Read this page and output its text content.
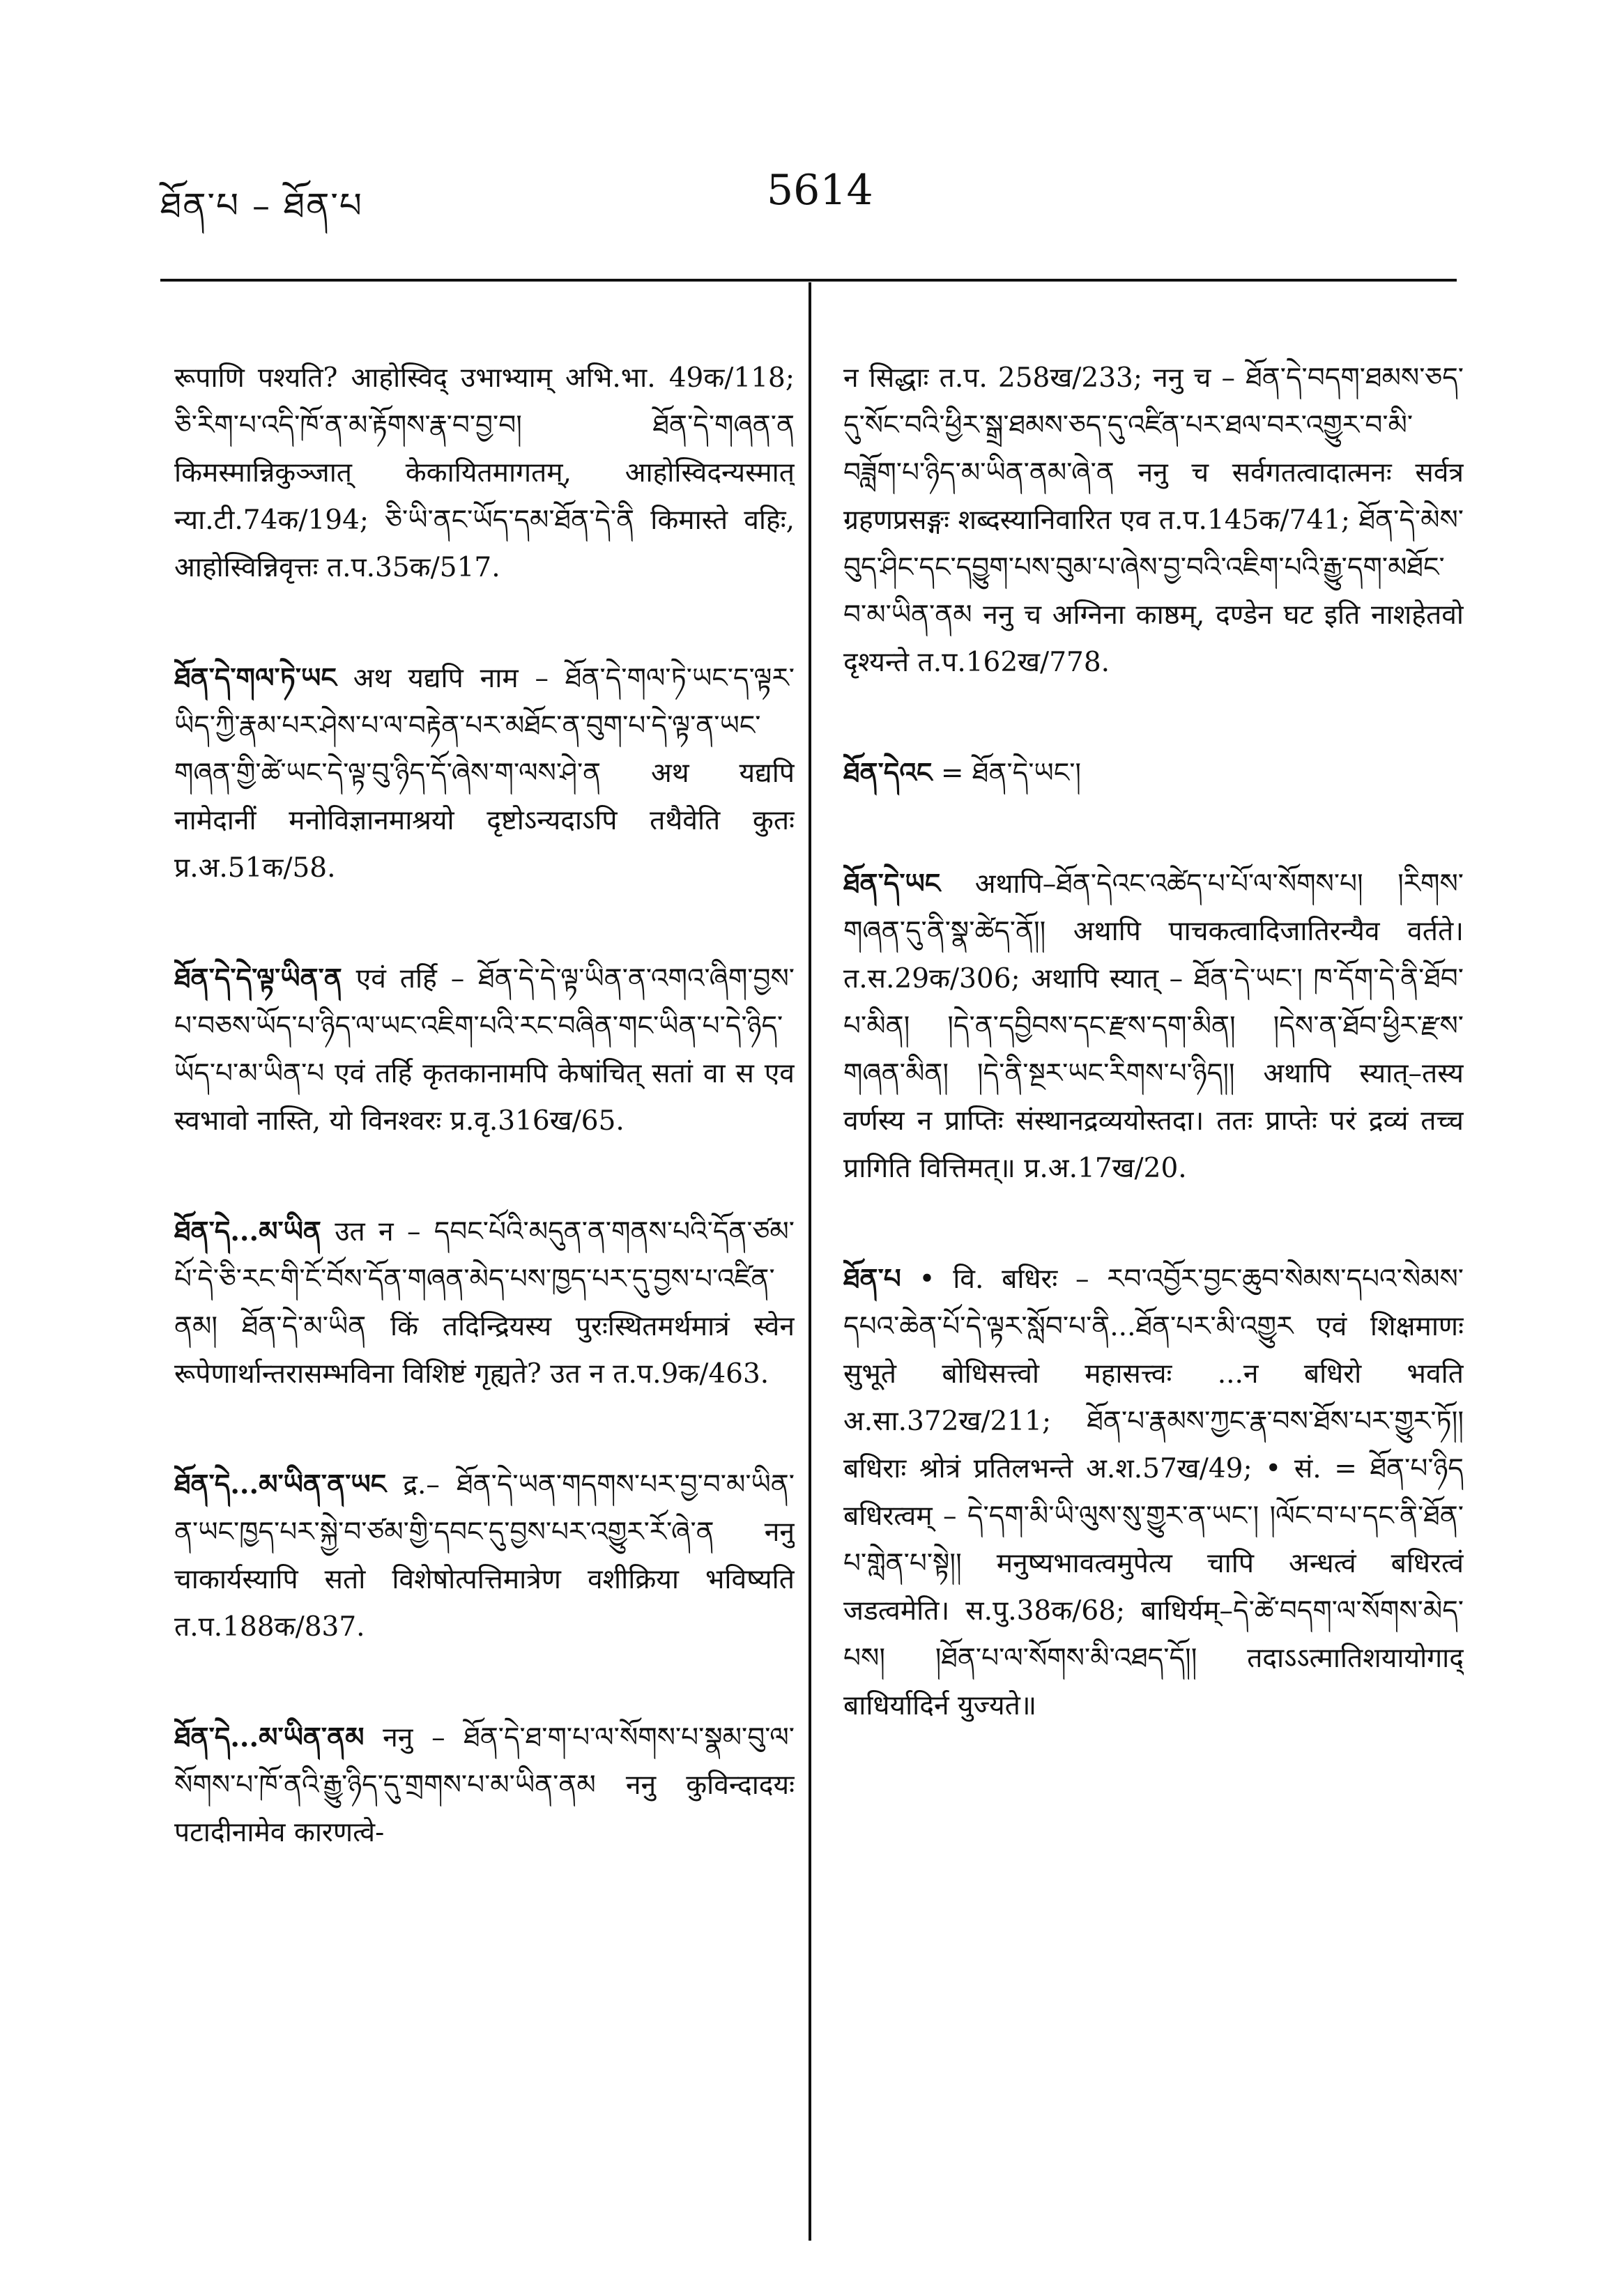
ཐོན་པ – ཐོན་པ	5614

रूपाणि पश्यति? आहोस्विद् उभाभ्याम् अभि.भा. 49क/118; ཅི་རིག་པ་འདི་ཁོ་ན་མ་རྟོགས་རྣ་བ་བྱ་བ། ཐོན་དེ་གཞན་ན किमस्मान्निकुञ्जात् केकायितमागतम्, आहोस्विदन्यस्मात् न्या.टी.74क/194; ཅི་ཡི་ནང་ཡོད་དམ་ཐོན་དེ་ནི किमास्ते वहिः, आहोस्विन्निवृत्तः त.प.35क/517.

ཐོན་དེ་གལ་ཏེ་ཡང अथ यद्यपि नाम – ཐོན་དེ་གལ་ཏེ་ཡང་ད་ལྟར་ཡིད་ཀྱི་རྣམ་པར་ཤེས་པ་ལ་བརྟེན་པར་མཐོང་ན་བུག་པ་དེ་ལྟ་ན་ཡང་གཞན་གྱི་ཚེ་ཡང་དེ་ལྟ་བུ་ཉིད་དོ་ཞེས་ག་ལས་ཤེ་ན अथ यद्यपि नामेदानीं मनोविज्ञानमाश्रयो दृष्टोऽन्यदाऽपि तथैवेति कुतः प्र.अ.51क/58.

ཐོན་དེ་དེ་ལྟ་ཡིན་ན एवं तर्हि – ཐོན་དེ་དེ་ལྟ་ཡིན་ན་འགའ་ཞིག་བྱས་པ་བཅས་ཡོད་པ་ཉིད་ལ་ཡང་འཇིག་པའི་རང་བཞིན་གང་ཡིན་པ་དེ་ཉིད་ཡོད་པ་མ་ཡིན་པ एवं तर्हि कृतकानामपि केषांचित् सतां वा स एव स्वभावो नास्ति, यो विनश्वरः प्र.वृ.316ख/65.

ཐོན་དེ...མ་ཡིན उत न – དབང་པོའི་མདུན་ན་གནས་པའི་དོན་ཙམ་པོ་དེ་ཅི་རང་གི་ངོ་བོས་དོན་གཞན་མེད་པས་ཁྱད་པར་དུ་བྱས་པ་འཛིན་ནམ། ཐོན་དེ་མ་ཡིན किं तदिन्द्रियस्य पुरःस्थितमर्थमात्रं स्वेन रूपेणार्थान्तरासम्भविना विशिष्टं गृह्यते? उत न त.प.9क/463.

ཐོན་དེ...མ་ཡིན་ན་ཡང द्र.– ཐོན་དེ་ཡན་གདགས་པར་བྱ་བ་མ་ཡིན་ན་ཡང་ཁྱད་པར་སྐྱེ་བ་ཙམ་གྱི་དབང་དུ་བྱས་པར་འགྱུར་རོ་ཞེ་ན ननु चाकार्यस्यापि सतो विशेषोत्पत्तिमात्रेण वशीक्रिया भविष्यति त.प.188क/837.

ཐོན་དེ...མ་ཡིན་ནམ ननु – ཐོན་དེ་ཐ་ག་པ་ལ་སོགས་པ་སྣམ་བུ་ལ་སོགས་པ་ཁོ་ནའི་རྒྱུ་ཉིད་དུ་གྲགས་པ་མ་ཡིན་ནམ ननु कुविन्दादयः पटादीनामेव कारणत्वे-

न सिद्धाः त.प. 258ख/233; ननु च – ཐོན་དེ་བདག་ཐམས་ཅད་དུ་སོང་བའི་ཕྱིར་སྒྲ་ཐམས་ཅད་དུ་འཛིན་པར་ཐལ་བར་འགྱུར་བ་མི་བཟློག་པ་ཉིད་མ་ཡིན་ནམ་ཞེ་ན ननु च सर्वगतत्वादात्मनः सर्वत्र ग्रहणप्रसङ्गः शब्दस्यानिवारित एव त.प.145क/741; ཐོན་དེ་མེས་བུད་ཤིང་དང་དབྱུག་པས་བུམ་པ་ཞེས་བྱ་བའི་འཇིག་པའི་རྒྱུ་དག་མཐོང་བ་མ་ཡིན་ནམ ननु च अग्निना काष्ठम्, दण्डेन घट इति नाशहेतवो दृश्यन्ते त.प.162ख/778.

ཐོན་དེའང = ཐོན་དེ་ཡང་།

ཐོན་དེ་ཡང अथापि–ཐོན་དེའང་འཚེད་པ་པོ་ལ་སོགས་པ། །རིགས་གཞན་དུ་ནི་སྣ་ཚེད་ནོ།། अथापि पाचकत्वादिजातिरन्यैव वर्तते। त.स.29क/306; अथापि स्यात् – ཐོན་དེ་ཡང་། ཁ་དོག་དེ་ནི་ཐོབ་པ་མིན། །དེ་ན་དབྱིབས་དང་རྫས་དག་མིན། །དེས་ན་ཐོབ་ཕྱིར་རྫས་གཞན་མིན། །དེ་ནི་སྔར་ཡང་རིགས་པ་ཉིད།། अथापि स्यात्–तस्य वर्णस्य न प्राप्तिः संस्थानद्रव्ययोस्तदा। ततः प्राप्तेः परं द्रव्यं तच्च प्रागिति वित्तिमत्॥ प्र.अ.17ख/20.

ཐོན་པ • वि. बधिरः – རབ་འབྱོར་བྱང་ཆུབ་སེམས་དཔའ་སེམས་དཔའ་ཆེན་པོ་དེ་ལྟར་སློབ་པ་ནི...ཐོན་པར་མི་འགྱུར एवं शिक्षमाणः सुभूते बोधिसत्त्वो महासत्त्वः ...न बधिरो भवति अ.सा.372ख/211; ཐོན་པ་རྣམས་ཀྱང་རྣ་བས་ཐོས་པར་གྱུར་ཏོ།། बधिराः श्रोत्रं प्रतिलभन्ते अ.श.57ख/49; • सं. = ཐོན་པ་ཉིད बधिरत्वम् – དེ་དག་མི་ཡི་ལུས་སུ་གྱུར་ན་ཡང་། །ལོང་བ་པ་དང་ནི་ཐོན་པ་གླེན་པ་སྟེ།། मनुष्यभावत्वमुपेत्य चापि अन्धत्वं बधिरत्वं जडत्वमेति। स.पु.38क/68; बाधिर्यम्–དེ་ཚེ་བདག་ལ་སོགས་མེད་པས། །ཐོན་པ་ལ་སོགས་མི་འཐད་དོ།། तदाऽऽत्मातिशयायोगाद् बाधिर्यादिर्न युज्यते॥
